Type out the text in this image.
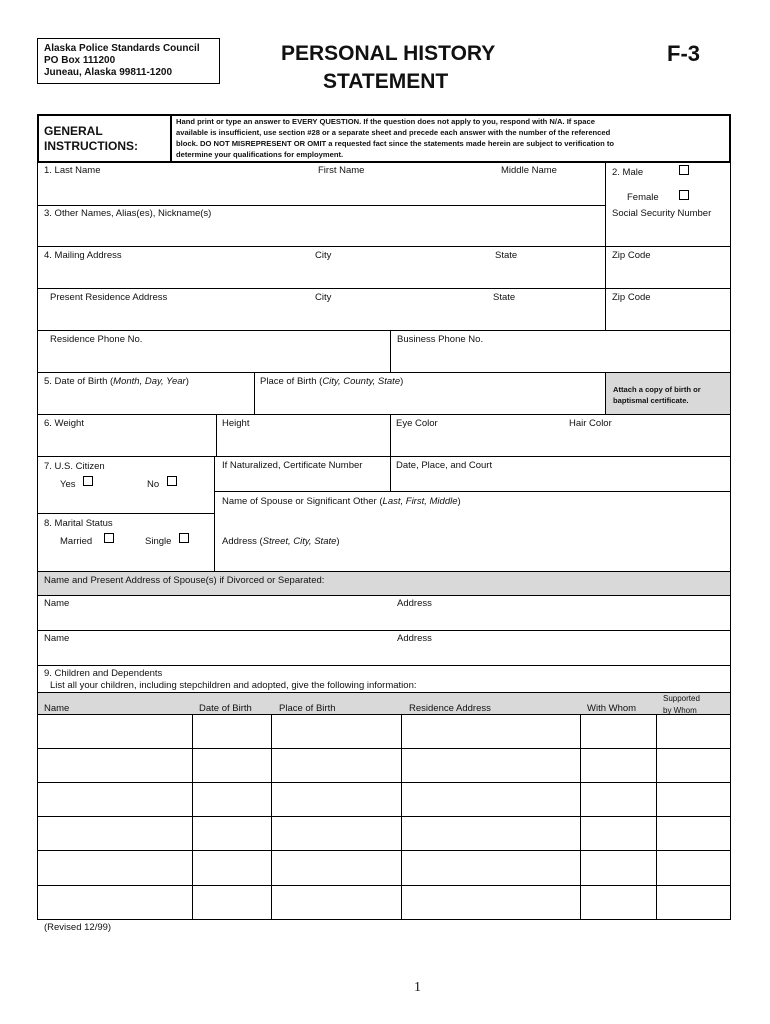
Alaska Police Standards Council
PO Box 111200
Juneau, Alaska 99811-1200
PERSONAL HISTORY
STATEMENT
F-3
GENERAL
INSTRUCTIONS:
Hand print or type an answer to EVERY QUESTION. If the question does not apply to you, respond with N/A. If space
available is insufficient, use section #28 or a separate sheet and precede each answer with the number of the referenced
block. DO NOT MISREPRESENT OR OMIT a requested fact since the statements made herein are subject to verification to
determine your qualifications for employment.
1. Last Name	First Name	Middle Name	2. Male
Female
3. Other Names, Alias(es), Nickname(s)	Social Security Number
4. Mailing Address	City	State	Zip Code
Present Residence Address	City	State	Zip Code
Residence Phone No.	Business Phone No.
5. Date of Birth (Month, Day, Year)	Place of Birth (City, County, State)
Attach a copy of birth or
baptismal certificate.
6. Weight	Height	Eye Color	Hair Color
7. U.S. Citizen
Yes	No
If Naturalized, Certificate Number	Date, Place, and Court
Name of Spouse or Significant Other (Last, First, Middle)
8. Marital Status
Married	Single	Address (Street, City, State)
Name and Present Address of Spouse(s) if Divorced or Separated:
Name	Address
Name	Address
9. Children and Dependents
List all your children, including stepchildren and adopted, give the following information:
Name	Date of Birth	Place of Birth	Residence Address	With Whom
Supported
by Whom
(Revised 12/99)
1
